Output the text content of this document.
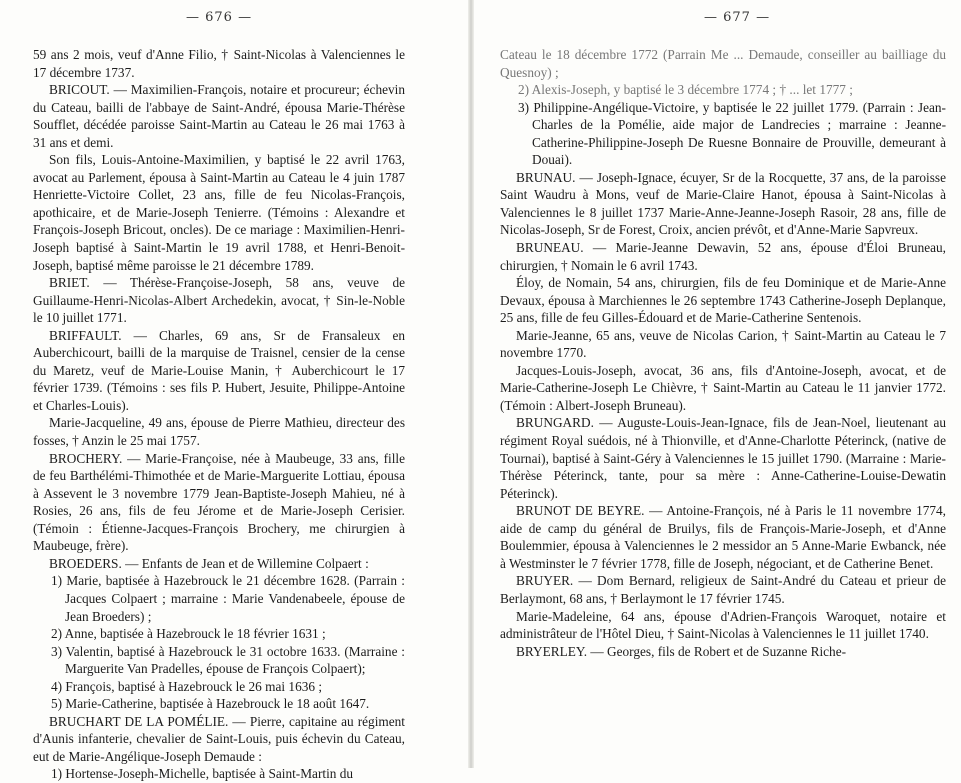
— 676 —

59 ans 2 mois, veuf d'Anne Filio, † Saint-Nicolas à Valenciennes le 17 décembre 1737.

BRICOUT. — Maximilien-François, notaire et procureur; échevin du Cateau, bailli de l'abbaye de Saint-André, épousa Marie-Thérèse Soufflet, décédée paroisse Saint-Martin au Cateau le 26 mai 1763 à 31 ans et demi.

Son fils, Louis-Antoine-Maximilien, y baptisé le 22 avril 1763, avocat au Parlement, épousa à Saint-Martin au Cateau le 4 juin 1787 Henriette-Victoire Collet, 23 ans, fille de feu Nicolas-François, apothicaire, et de Marie-Joseph Tenierre. (Témoins : Alexandre et François-Joseph Bricout, oncles). De ce mariage : Maximilien-Henri-Joseph baptisé à Saint-Martin le 19 avril 1788, et Henri-Benoit-Joseph, baptisé même paroisse le 21 décembre 1789.

BRIET. — Thérèse-Françoise-Joseph, 58 ans, veuve de Guillaume-Henri-Nicolas-Albert Archedekin, avocat, † Sin-le-Noble le 10 juillet 1771.

BRIFFAULT. — Charles, 69 ans, Sr de Fransaleux en Auberchicourt, bailli de la marquise de Traisnel, censier de la cense du Maretz, veuf de Marie-Louise Manin, † Auberchicourt le 17 février 1739. (Témoins : ses fils P. Hubert, Jesuite, Philippe-Antoine et Charles-Louis).

Marie-Jacqueline, 49 ans, épouse de Pierre Mathieu, directeur des fosses, † Anzin le 25 mai 1757.

BROCHERY. — Marie-Françoise, née à Maubeuge, 33 ans, fille de feu Barthélémi-Thimothée et de Marie-Marguerite Lottiau, épousa à Assevent le 3 novembre 1779 Jean-Baptiste-Joseph Mahieu, né à Rosies, 26 ans, fils de feu Jérome et de Marie-Joseph Cerisier. (Témoin : Étienne-Jacques-François Brochery, me chirurgien à Maubeuge, frère).

BROEDERS. — Enfants de Jean et de Willemine Colpaert :

1) Marie, baptisée à Hazebrouck le 21 décembre 1628. (Parrain : Jacques Colpaert ; marraine : Marie Vandenabeele, épouse de Jean Broeders) ;

2) Anne, baptisée à Hazebrouck le 18 février 1631 ;

3) Valentin, baptisé à Hazebrouck le 31 octobre 1633. (Marraine : Marguerite Van Pradelles, épouse de François Colpaert);

4) François, baptisé à Hazebrouck le 26 mai 1636 ;

5) Marie-Catherine, baptisée à Hazebrouck le 18 août 1647.

BRUCHART DE LA POMÉLIE. — Pierre, capitaine au régiment d'Aunis infanterie, chevalier de Saint-Louis, puis échevin du Cateau, eut de Marie-Angélique-Joseph Demaude :

1) Hortense-Joseph-Michelle, baptisée à Saint-Martin du

— 677 —

Cateau le 18 décembre 1772 (Parrain Me ... Demaude, conseiller au bailliage du Quesnoy) ;

2) Alexis-Joseph, y baptisé le 3 décembre 1774 ; † ... let 1777 ;

3) Philippine-Angélique-Victoire, y baptisée le 22 juillet 1779. (Parrain : Jean-Charles de la Pomélie, aide major de Landrecies ; marraine : Jeanne-Catherine-Philippine-Joseph De Ruesne Bonnaire de Prouville, demeurant à Douai).

BRUNAU. — Joseph-Ignace, écuyer, Sr de la Rocquette, 37 ans, de la paroisse Saint Waudru à Mons, veuf de Marie-Claire Hanot, épousa à Saint-Nicolas à Valenciennes le 8 juillet 1737 Marie-Anne-Jeanne-Joseph Rasoir, 28 ans, fille de Nicolas-Joseph, Sr de Forest, Croix, ancien prévôt, et d'Anne-Marie Sapvreux.

BRUNEAU. — Marie-Jeanne Dewavin, 52 ans, épouse d'Éloi Bruneau, chirurgien, † Nomain le 6 avril 1743.

Éloy, de Nomain, 54 ans, chirurgien, fils de feu Dominique et de Marie-Anne Devaux, épousa à Marchiennes le 26 septembre 1743 Catherine-Joseph Deplanque, 25 ans, fille de feu Gilles-Édouard et de Marie-Catherine Sentenois.

Marie-Jeanne, 65 ans, veuve de Nicolas Carion, † Saint-Martin au Cateau le 7 novembre 1770.

Jacques-Louis-Joseph, avocat, 36 ans, fils d'Antoine-Joseph, avocat, et de Marie-Catherine-Joseph Le Chièvre, † Saint-Martin au Cateau le 11 janvier 1772. (Témoin : Albert-Joseph Bruneau).

BRUNGARD. — Auguste-Louis-Jean-Ignace, fils de Jean-Noel, lieutenant au régiment Royal suédois, né à Thionville, et d'Anne-Charlotte Péterinck, (native de Tournai), baptisé à Saint-Géry à Valenciennes le 15 juillet 1790. (Marraine : Marie-Thérèse Péterinck, tante, pour sa mère : Anne-Catherine-Louise-Dewatin Péterinck).

BRUNOT DE BEYRE. — Antoine-François, né à Paris le 11 novembre 1774, aide de camp du général de Bruilys, fils de François-Marie-Joseph, et d'Anne Boulemmier, épousa à Valenciennes le 2 messidor an 5 Anne-Marie Ewbanck, née à Westminster le 7 février 1778, fille de Joseph, négociant, et de Catherine Benet.

BRUYER. — Dom Bernard, religieux de Saint-André du Cateau et prieur de Berlaymont, 68 ans, † Berlaymont le 17 février 1745.

Marie-Madeleine, 64 ans, épouse d'Adrien-François Waroquet, notaire et administrâteur de l'Hôtel Dieu, † Saint-Nicolas à Valenciennes le 11 juillet 1740.

BRYERLEY. — Georges, fils de Robert et de Suzanne Riche-
